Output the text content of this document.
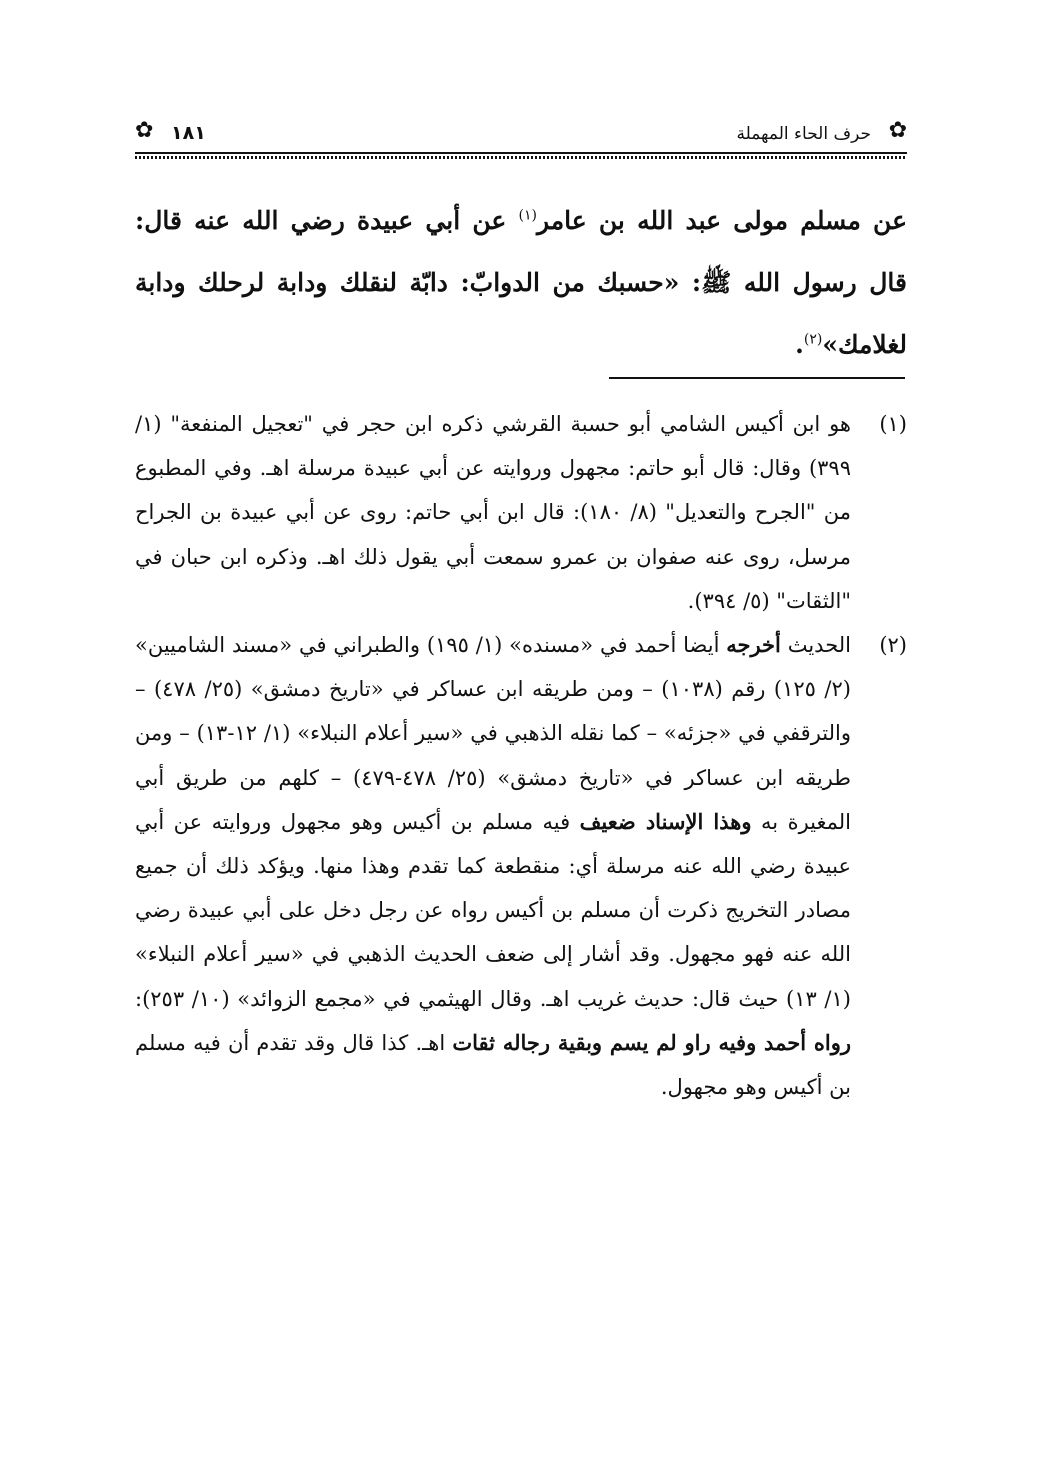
✿
حرف الحاء المهملة
١٨١
✿

عن مسلم مولى عبد الله بن عامر$^{(١)}$ عن أبي عبيدة رضي الله عنه قال: قال رسول الله ﷺ: «حسبك من الدوابّ: دابّة لنقلك ودابة لرحلك ودابة لغلامك»$^{(٢)}$.

(١)
هو ابن أكيس الشامي أبو حسبة القرشي ذكره ابن حجر في "تعجيل المنفعة" (١/ ٣٩٩) وقال: قال أبو حاتم: مجهول وروايته عن أبي عبيدة مرسلة اهـ. وفي المطبوع من "الجرح والتعديل" (٨/ ١٨٠): قال ابن أبي حاتم: روى عن أبي عبيدة بن الجراح مرسل، روى عنه صفوان بن عمرو سمعت أبي يقول ذلك اهـ. وذكره ابن حبان في "الثقات" (٥/ ٣٩٤).
(٢)
الحديث أخرجه أيضا أحمد في «مسنده» (١/ ١٩٥) والطبراني في «مسند الشاميين» (٢/ ١٢٥) رقم (١٠٣٨) – ومن طريقه ابن عساكر في «تاريخ دمشق» (٢٥/ ٤٧٨) – والترقفي في «جزئه» – كما نقله الذهبي في «سير أعلام النبلاء» (١/ ١٢-١٣) – ومن طريقه ابن عساكر في «تاريخ دمشق» (٢٥/ ٤٧٨-٤٧٩) – كلهم من طريق أبي المغيرة به وهذا الإسناد ضعيف فيه مسلم بن أكيس وهو مجهول وروايته عن أبي عبيدة رضي الله عنه مرسلة أي: منقطعة كما تقدم وهذا منها. ويؤكد ذلك أن جميع مصادر التخريج ذكرت أن مسلم بن أكيس رواه عن رجل دخل على أبي عبيدة رضي الله عنه فهو مجهول. وقد أشار إلى ضعف الحديث الذهبي في «سير أعلام النبلاء» (١/ ١٣) حيث قال: حديث غريب اهـ. وقال الهيثمي في «مجمع الزوائد» (١٠/ ٢٥٣): رواه أحمد وفيه راو لم يسم وبقية رجاله ثقات اهـ. كذا قال وقد تقدم أن فيه مسلم بن أكيس وهو مجهول.
